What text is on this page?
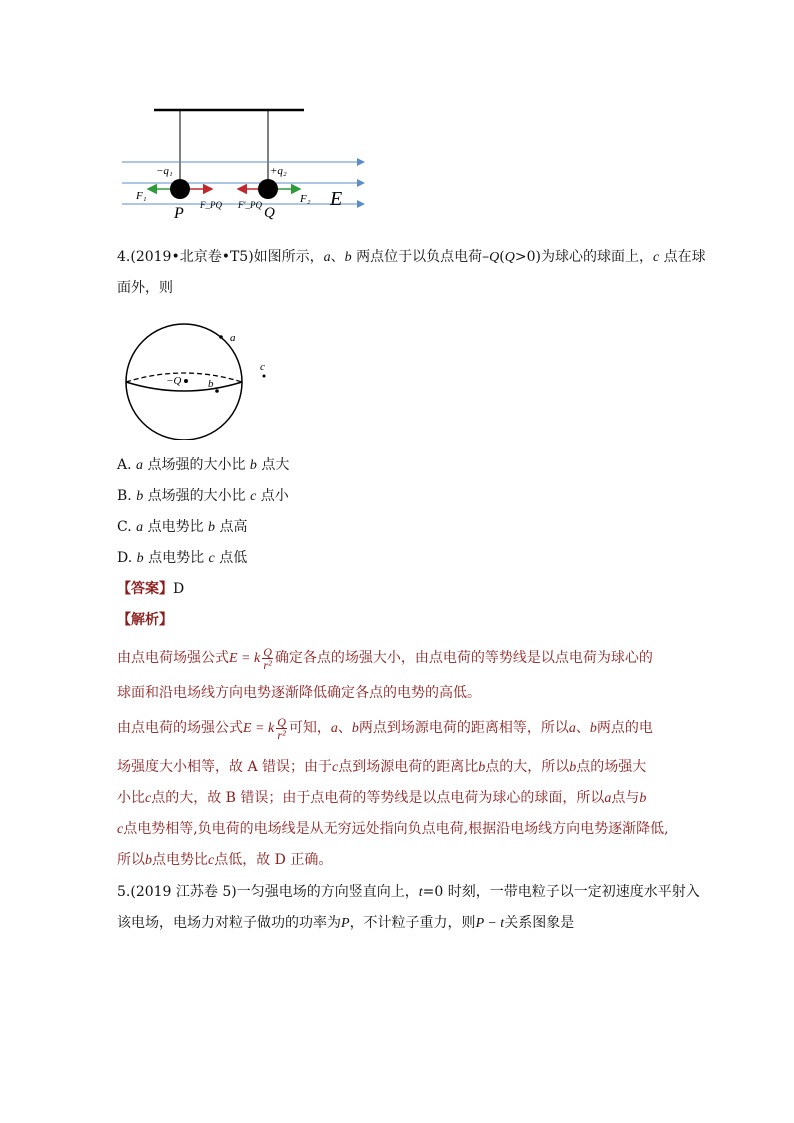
−q₁	+q₂
F₁
F_PQ F′_PQ	F₂
P	Q
E
4.(2019•北京卷•T5)如图所示，a、b 两点位于以负点电荷–Q(Q>0)为球心的球面上，c 点在球
面外，则
a
c
−Q b
A. a 点场强的大小比 b 点大
B. b 点场强的大小比 c 点小
C. a 点电势比 b 点高
D. b 点电势比 c 点低
【答案】D
【解析】
由点电荷场强公式E = k $\frac{Q}{\text{r²}}$ 确定各点的场强大小，由点电荷的等势线是以点电荷为球心的
球面和沿电场线方向电势逐渐降低确定各点的电势的高低。
由点电荷的场强公式E = k $\frac{Q}{\text{r²}}$ 可知，a、b两点到场源电荷的距离相等，所以a、b两点的电
场强度大小相等，故 A 错误；由于c点到场源电荷的距离比b点的大，所以b点的场强大
小比c点的大，故 B 错误；由于点电荷的等势线是以点电荷为球心的球面，所以a点与b
c点电势相等,负电荷的电场线是从无穷远处指向负点电荷,根据沿电场线方向电势逐渐降低,
所以b点电势比c点低，故 D 正确。
5.(2019 江苏卷 5)一匀强电场的方向竖直向上，t=0 时刻，一带电粒子以一定初速度水平射入
该电场，电场力对粒子做功的功率为P，不计粒子重力，则P − t关系图象是
